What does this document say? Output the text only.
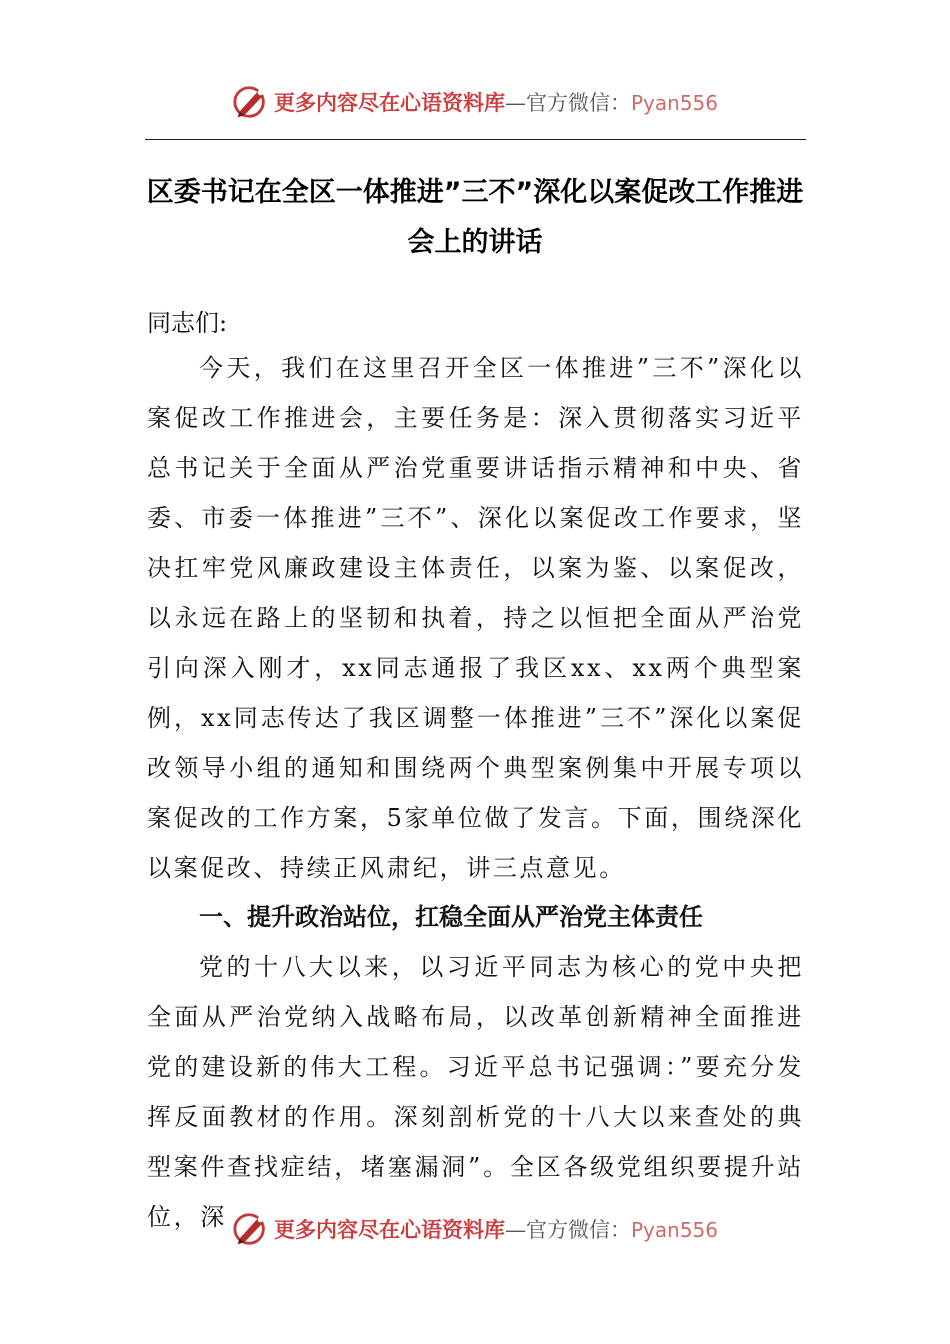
更多内容尽在心语资料库—官方微信：Pyan556
区委书记在全区一体推进”三不”深化以案促改工作推进
会上的讲话
同志们:

今天，我们在这里召开全区一体推进”三不”深化以案促改工作推进会，主要任务是：深入贯彻落实习近平总书记关于全面从严治党重要讲话指示精神和中央、省委、市委一体推进”三不”、深化以案促改工作要求，坚决扛牢党风廉政建设主体责任，以案为鉴、以案促改，以永远在路上的坚韧和执着，持之以恒把全面从严治党引向深入刚才，xx同志通报了我区xx、xx两个典型案例，xx同志传达了我区调整一体推进”三不”深化以案促改领导小组的通知和围绕两个典型案例集中开展专项以案促改的工作方案，5家单位做了发言。下面，围绕深化以案促改、持续正风肃纪，讲三点意见。

一、提升政治站位，扛稳全面从严治党主体责任

党的十八大以来，以习近平同志为核心的党中央把全面从严治党纳入战略布局，以改革创新精神全面推进党的建设新的伟大工程。习近平总书记强调：”要充分发挥反面教材的作用。深刻剖析党的十八大以来查处的典型案件查找症结，堵塞漏洞”。全区各级党组织要提升站位，深	更多内容尽在心语资料库—官方微信：Pyan556
